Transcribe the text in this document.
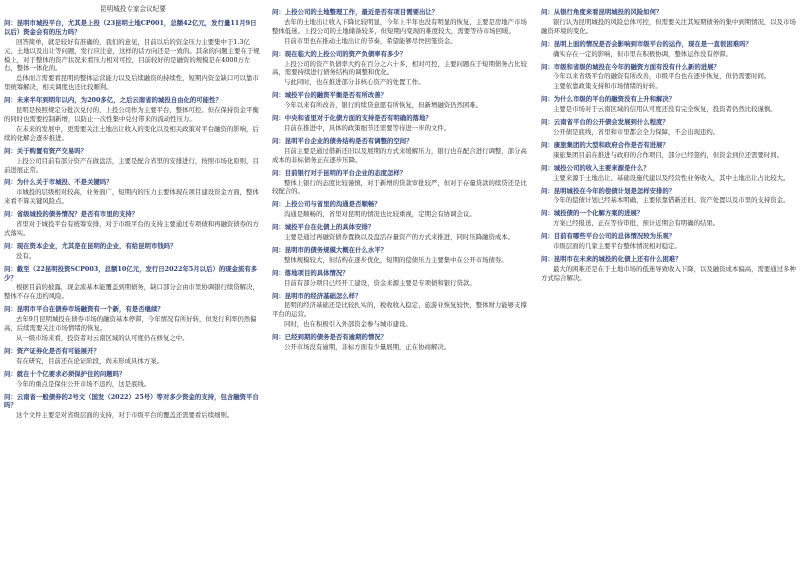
昆明城投专家会议纪要
问：昆明市城投平台，尤其是上投（23昆明土地CP001，总额42亿元，发行量11月9日以后）资金会有的压力吗？
回答简单，就是较好有准确的，我们的意见，目前以后的资金压力主要集中于1.3亿元，土地以及出让等问题，发行应注意，这样的话方向还是一致的。其余的问题主要在于规模上，对于整体的资产状况来看压力相对可控，目前较好的是融资的规模是在4000万左右，整体一体化的。
总体而言需要看昆明的整体运营能力以及后续融资的持续性，短期内资金缺口可以靠市里统筹解决，相关调度也还比较顺利。
问：未来半年到明年以内，为200多亿，之后云南省的城投自由化的可能性？
昆明是按照规定分批次兑付的，上投公司作为主要平台，整体可控。但在保持资金平衡的同时也需要控制新增，以防止一次性集中兑付带来的流动性压力。
在未来的发展中，更需要关注土地出让收入的变化以及相关政策对平台融资的影响，后续的化解会逐步推进。
问：关于购置有资产交易吗？
上投公司目前有部分资产在做盘活，主要是配合省里的安排进行，按照市场化原则，目前进展正常。
问：为什么关于市城投、不是关键吗？
市城投的层级相对较高，业务面广，短期内的压力主要体现在项目建设资金方面，整体来看不算关键风险点。
问：省级城投的债务情况？是否有市里的支持？
省里对于城投平台有统筹安排，对于市级平台的支持主要通过专项债和再融资债券的方式落实。
问：现在资本企业，尤其是在昆明的企业，有给昆明市钱吗？
没有。
问：截至（22昆明投资SCP003，总额10亿元，发行日2022年5月以后）的现金流有多少？
根据目前的披露，现金流基本能覆盖到期债务，缺口部分会由市里协调银行续贷解决，整体不存在违约风险。
问：昆明市平台在债券市场融资有一个新，有是否继续？
去年9月昆明城投在债券市场的融资基本停滞，今年情况有所好转，但发行利率仍然偏高，后续需要关注市场情绪的恢复。
从一级市场来看，投资者对云南区域的认可度仍在修复之中。
问：资产证券化是否有可能展开？
有在研究，目前还在论证阶段，尚未形成具体方案。
问：就在十个亿要求必须保护住的问题吗？
今年的重点是保住公开市场不违约，这是底线。
问：云南省一般债券的2号文（国发（2022）25号）等对多少资金的支持，包含融资平台吗？
这个文件主要是对省级层面的支持，对于市级平台的覆盖还需要看后续细则。
问：上投公司的土地整理工作，最近是否有项目需要出让？
去年的土地出让收入下降比较明显，今年上半年也没有明显的恢复，主要是房地产市场整体低迷。上投公司的土地储备较多，但短期内变现的难度较大，需要等待市场回暖。
目前市里也在推动土地出让的节奏，希望能够尽快回笼资金。
问：现在临大的上投公司的资产负债率有多少？
上投公司的资产负债率大约在百分之六十多，相对可控，主要问题在于短期债务占比较高，需要持续进行债务结构的调整和优化。
与此同时，也在推进部分非核心资产的处置工作。
问：城投平台的融资平衡是否有所改善？
今年以来有所改善，银行的续贷意愿有所恢复，但新增融资仍然困难。
问：中央和省里对于化债方面的支持是否有明确的落地？
目前在推进中，具体的政策细节还需要等待进一步的文件。
问：昆明平台企业的债务结构是否有调整的空间？
目前主要是通过借新还旧以及展期的方式来缓解压力，银行也在配合进行调整，部分高成本的非标债务正在逐步压降。
问：目前银行对于昆明的平台企业的态度怎样？
整体上银行的态度比较谨慎，对于新增的贷款审批较严，但对于存量贷款的续贷还是比较配合的。
问：上投公司与省里的沟通是否顺畅？
沟通是顺畅的，省里对昆明的情况也比较重视，定期会有协调会议。
问：城投平台在化债上的具体安排？
主要是通过再融资债券置换以及盘活存量资产的方式来推进，同时压降融资成本。
问：昆明市的债务规模大概在什么水平？
整体规模较大，但结构在逐步优化，短期的偿债压力主要集中在公开市场债券。
问：落地项目的具体情况？
目前有部分项目已经开工建设，资金来源主要是专项债和银行贷款。
问：昆明市的经济基础怎么样？
昆明的经济基础还是比较扎实的，税收收入稳定，旅游业恢复较快，整体财力能够支撑平台的运营。
同时，也在积极引入外部资金参与城市建设。
问：已经到期的债务是否有逾期的情况？
公开市场没有逾期，非标方面有少量展期，正在协商解决。
问：从银行角度来看昆明城投的风险如何？
银行认为昆明城投的风险总体可控，但需要关注其短期债务的集中到期情况，以及市场融资环境的变化。
问：昆明上面的情况是否会影响到市级平台的运作，现在是一直很困难吗？
确实存在一定的影响，但市里在积极协调，整体运作没有停滞。
问：市级和省级的城投在今年的融资方面有没有什么新的进展？
今年以来省级平台的融资有所改善，市级平台也在逐步恢复，但仍需要时间。
主要依靠政策支持和市场情绪的好转。
问：为什么市级的平台的融资没有上升和解决？
主要是市场对于云南区域的信用认可度还没有完全恢复，投资者仍然比较谨慎。
问：云南省平台的公开债会发展到什么程度？
公开债是底线，省里和市里都会全力保障，不会出现违约。
问：康旅集团的大型和政府合作是否有进展？
康旅集团目前在推进与政府的合作项目，部分已经签约，但资金到位还需要时间。
问：城投公司的收入主要来源是什么？
主要来源于土地出让、基础设施代建以及经营性业务收入，其中土地出让占比较大。
问：昆明城投在今年的偿债计划是怎样安排的？
今年的偿债计划已经基本明确，主要依靠借新还旧、资产处置以及市里的支持资金。
问：城投债的一个化解方案的进展？
方案已经报送，正在等待审批，预计近期会有明确的结果。
问：目前有哪些平台公司的总体情况较为乐观？
市级层面的几家主要平台整体情况相对稳定。
问：昆明市在未来的城投的化债上还有什么困难？
最大的困难还是在于土地市场的低迷导致收入下降，以及融资成本偏高，需要通过多种方式综合解决。
